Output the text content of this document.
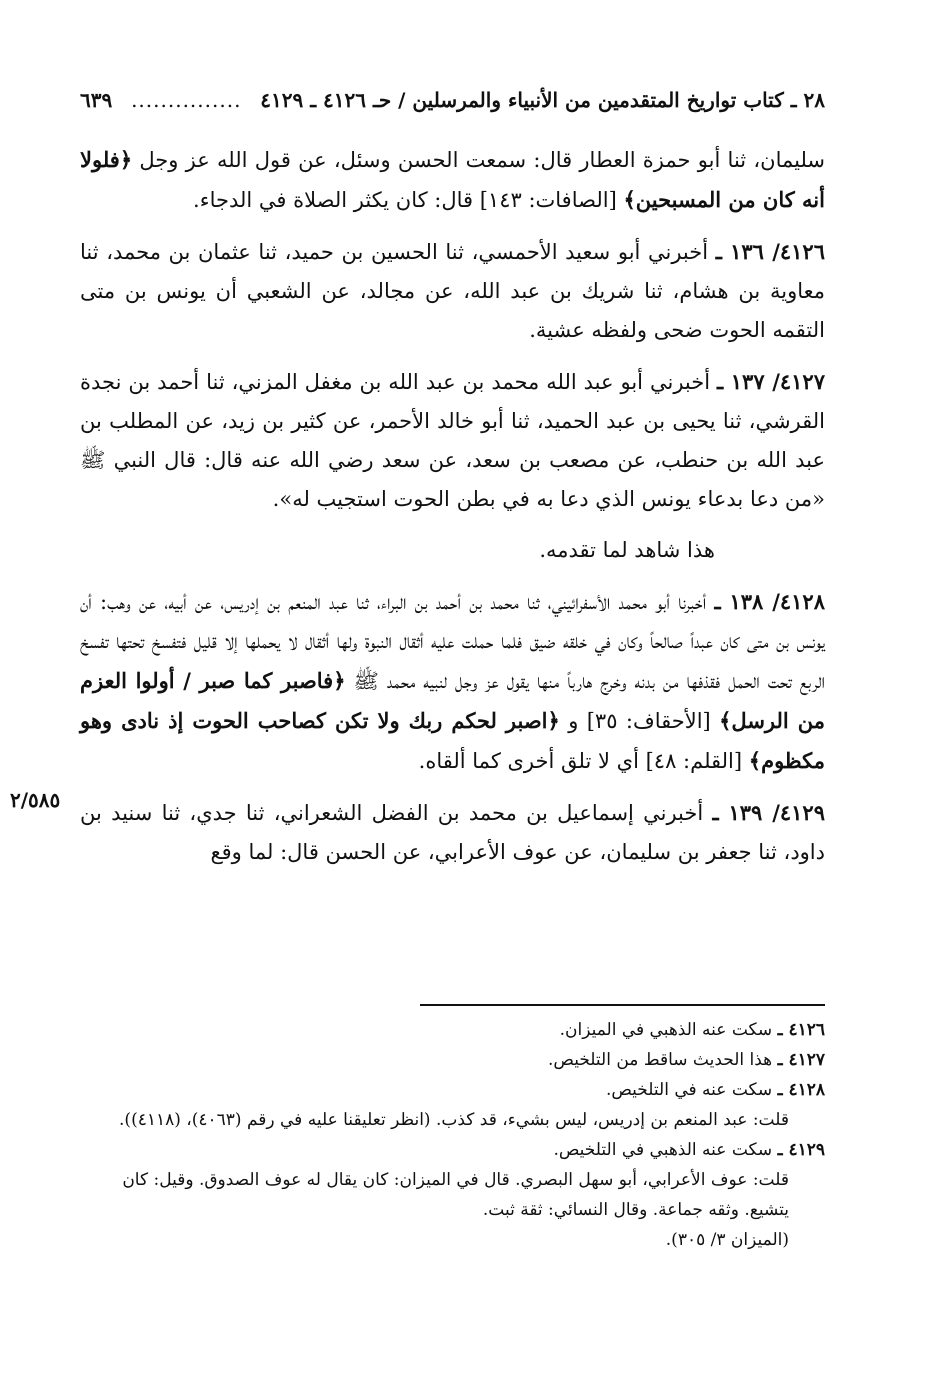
٢٨ ـ كتاب تواريخ المتقدمين من الأنبياء والمرسلين / حـ ٤١٢٦ ـ ٤١٢٩
...............
٦٣٩

سليمان، ثنا أبو حمزة العطار قال: سمعت الحسن وسئل، عن قول الله عز وجل ﴿فلولا أنه كان من المسبحين﴾ [الصافات: ١٤٣] قال: كان يكثر الصلاة في الدجاء.

٤١٢٦/ ١٣٦ ـ أخبرني أبو سعيد الأحمسي، ثنا الحسين بن حميد، ثنا عثمان بن محمد، ثنا معاوية بن هشام، ثنا شريك بن عبد الله، عن مجالد، عن الشعبي أن يونس بن متى التقمه الحوت ضحى ولفظه عشية.

٤١٢٧/ ١٣٧ ـ أخبرني أبو عبد الله محمد بن عبد الله بن مغفل المزني، ثنا أحمد بن نجدة القرشي، ثنا يحيى بن عبد الحميد، ثنا أبو خالد الأحمر، عن كثير بن زيد، عن المطلب بن عبد الله بن حنطب، عن مصعب بن سعد، عن سعد رضي الله عنه قال: قال النبي ﷺ «من دعا بدعاء يونس الذي دعا به في بطن الحوت استجيب له».

هذا شاهد لما تقدمه.

٤١٢٨/ ١٣٨ ـ أخبرنا أبو محمد الأسفرائيني، ثنا محمد بن أحمد بن البراء، ثنا عبد المنعم بن إدريس، عن أبيه، عن وهب: أن يونس بن متى كان عبداً صالحاً وكان في خلقه ضيق فلما حملت عليه أثقال النبوة ولها أثقال لا يحملها إلا قليل فتفسخ تحتها تفسخ الربع تحت الحمل فقذفها من بدنه وخرج هارباً منها يقول عز وجل لنبيه محمد ﷺ ﴿فاصبر كما صبر / أولوا العزم من الرسل﴾ [الأحقاف: ٣٥] و ﴿اصبر لحكم ربك ولا تكن كصاحب الحوت إذ نادى وهو مكظوم﴾ [القلم: ٤٨] أي لا تلق أخرى كما ألقاه.

٤١٢٩/ ١٣٩ ـ أخبرني إسماعيل بن محمد بن الفضل الشعراني، ثنا جدي، ثنا سنيد بن داود، ثنا جعفر بن سليمان، عن عوف الأعرابي، عن الحسن قال: لما وقع

٢/٥٨٥

٤١٢٦ ـ سكت عنه الذهبي في الميزان.

٤١٢٧ ـ هذا الحديث ساقط من التلخيص.

٤١٢٨ ـ سكت عنه في التلخيص.

قلت: عبد المنعم بن إدريس، ليس بشيء، قد كذب. (انظر تعليقنا عليه في رقم (٤٠٦٣)، (٤١١٨)).

٤١٢٩ ـ سكت عنه الذهبي في التلخيص.

قلت: عوف الأعرابي، أبو سهل البصري. قال في الميزان: كان يقال له عوف الصدوق. وقيل: كان يتشيع. وثقه جماعة. وقال النسائي: ثقة ثبت.

(الميزان ٣/ ٣٠٥).
